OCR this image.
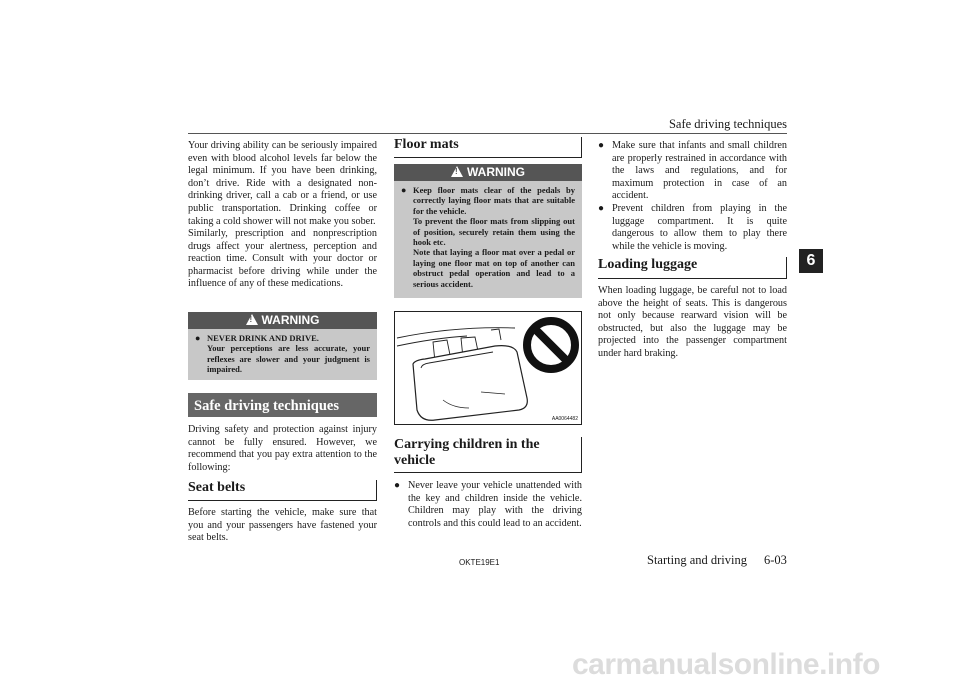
Safe driving techniques
6

Your driving ability can be seriously impaired even with blood alcohol levels far below the legal minimum. If you have been drinking, don’t drive. Ride with a designated non-drinking driver, call a cab or a friend, or use public transportation. Drinking coffee or taking a cold shower will not make you sober.

Similarly, prescription and nonprescription drugs affect your alertness, perception and reaction time. Consult with your doctor or pharmacist before driving while under the influence of any of these medications.

!WARNING
● NEVER DRINK AND DRIVE.
Your perceptions are less accurate, your reflexes are slower and your judgment is impaired.
Safe driving techniques

Driving safety and protection against injury cannot be fully ensured. However, we recommend that you pay extra attention to the following:

Seat belts

Before starting the vehicle, make sure that you and your passengers have fastened your seat belts.

Floor mats
!WARNING
● Keep floor mats clear of the pedals by correctly laying floor mats that are suitable for the vehicle.
To prevent the floor mats from slipping out of position, securely retain them using the hook etc.
Note that laying a floor mat over a pedal or laying one floor mat on top of another can obstruct pedal operation and lead to a serious accident.
AA0064482
Carrying children in the vehicle
● Never leave your vehicle unattended with the key and children inside the vehicle. Children may play with the driving controls and this could lead to an accident.

● Make sure that infants and small children are properly restrained in accordance with the laws and regulations, and for maximum protection in case of an accident.

● Prevent children from playing in the luggage compartment. It is quite dangerous to allow them to play there while the vehicle is moving.

Loading luggage

When loading luggage, be careful not to load above the height of seats. This is dangerous not only because rearward vision will be obstructed, but also the luggage may be projected into the passenger compartment under hard braking.

OKTE19E1	Starting and driving 6-03
carmanualsonline.info
